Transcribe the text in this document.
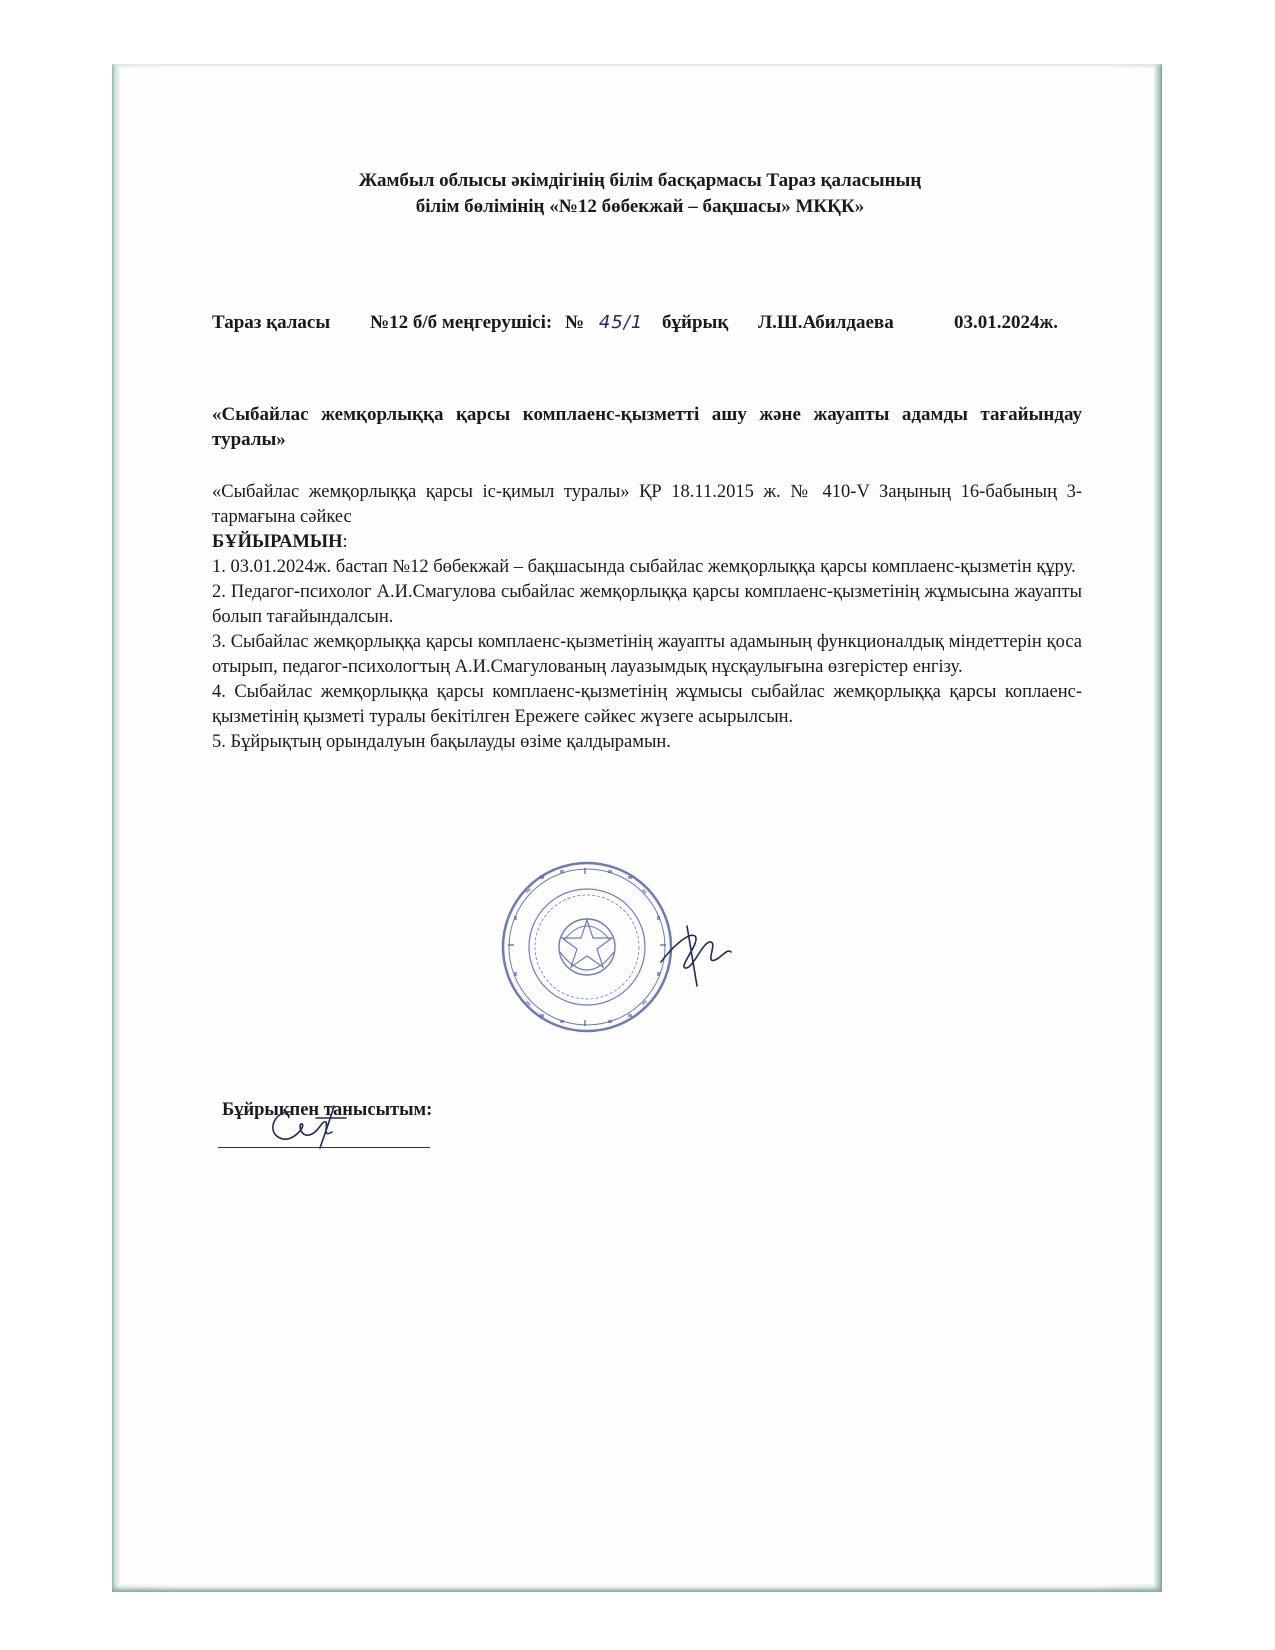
Жамбыл облысы әкімдігінің білім басқармасы Тараз қаласының
білім бөлімінің «№12 бөбекжай – бақшасы» МКҚК»
Тараз қаласы	№ 45/1 бұйрық	03.01.2024ж.
«Сыбайлас жемқорлыққа қарсы комплаенс-қызметті ашу және жауапты адамды тағайындау туралы»

«Сыбайлас жемқорлыққа қарсы іс-қимыл туралы» ҚР 18.11.2015 ж. № 410-V Заңының 16-бабының 3-тармағына сәйкес

БҰЙЫРАМЫН:

1. 03.01.2024ж. бастап №12 бөбекжай – бақшасында сыбайлас жемқорлыққа қарсы комплаенс-қызметін құру.

2. Педагог-психолог А.И.Смагулова сыбайлас жемқорлыққа қарсы комплаенс-қызметінің жұмысына жауапты болып тағайындалсын.

3. Сыбайлас жемқорлыққа қарсы комплаенс-қызметінің жауапты адамының функционалдық міндеттерін қоса отырып, педагог-психологтың А.И.Смагулованың лауазымдық нұсқаулығына өзгерістер енгізу.

4. Сыбайлас жемқорлыққа қарсы комплаенс-қызметінің жұмысы сыбайлас жемқорлыққа қарсы коплаенс-қызметінің қызметі туралы бекітілген Ережеге сәйкес жүзеге асырылсын.

5. Бұйрықтың орындалуын бақылауды өзіме қалдырамын.

№12 б/б меңгерушісі:	Л.Ш.Абилдаева
Бұйрықпен танысытым:
